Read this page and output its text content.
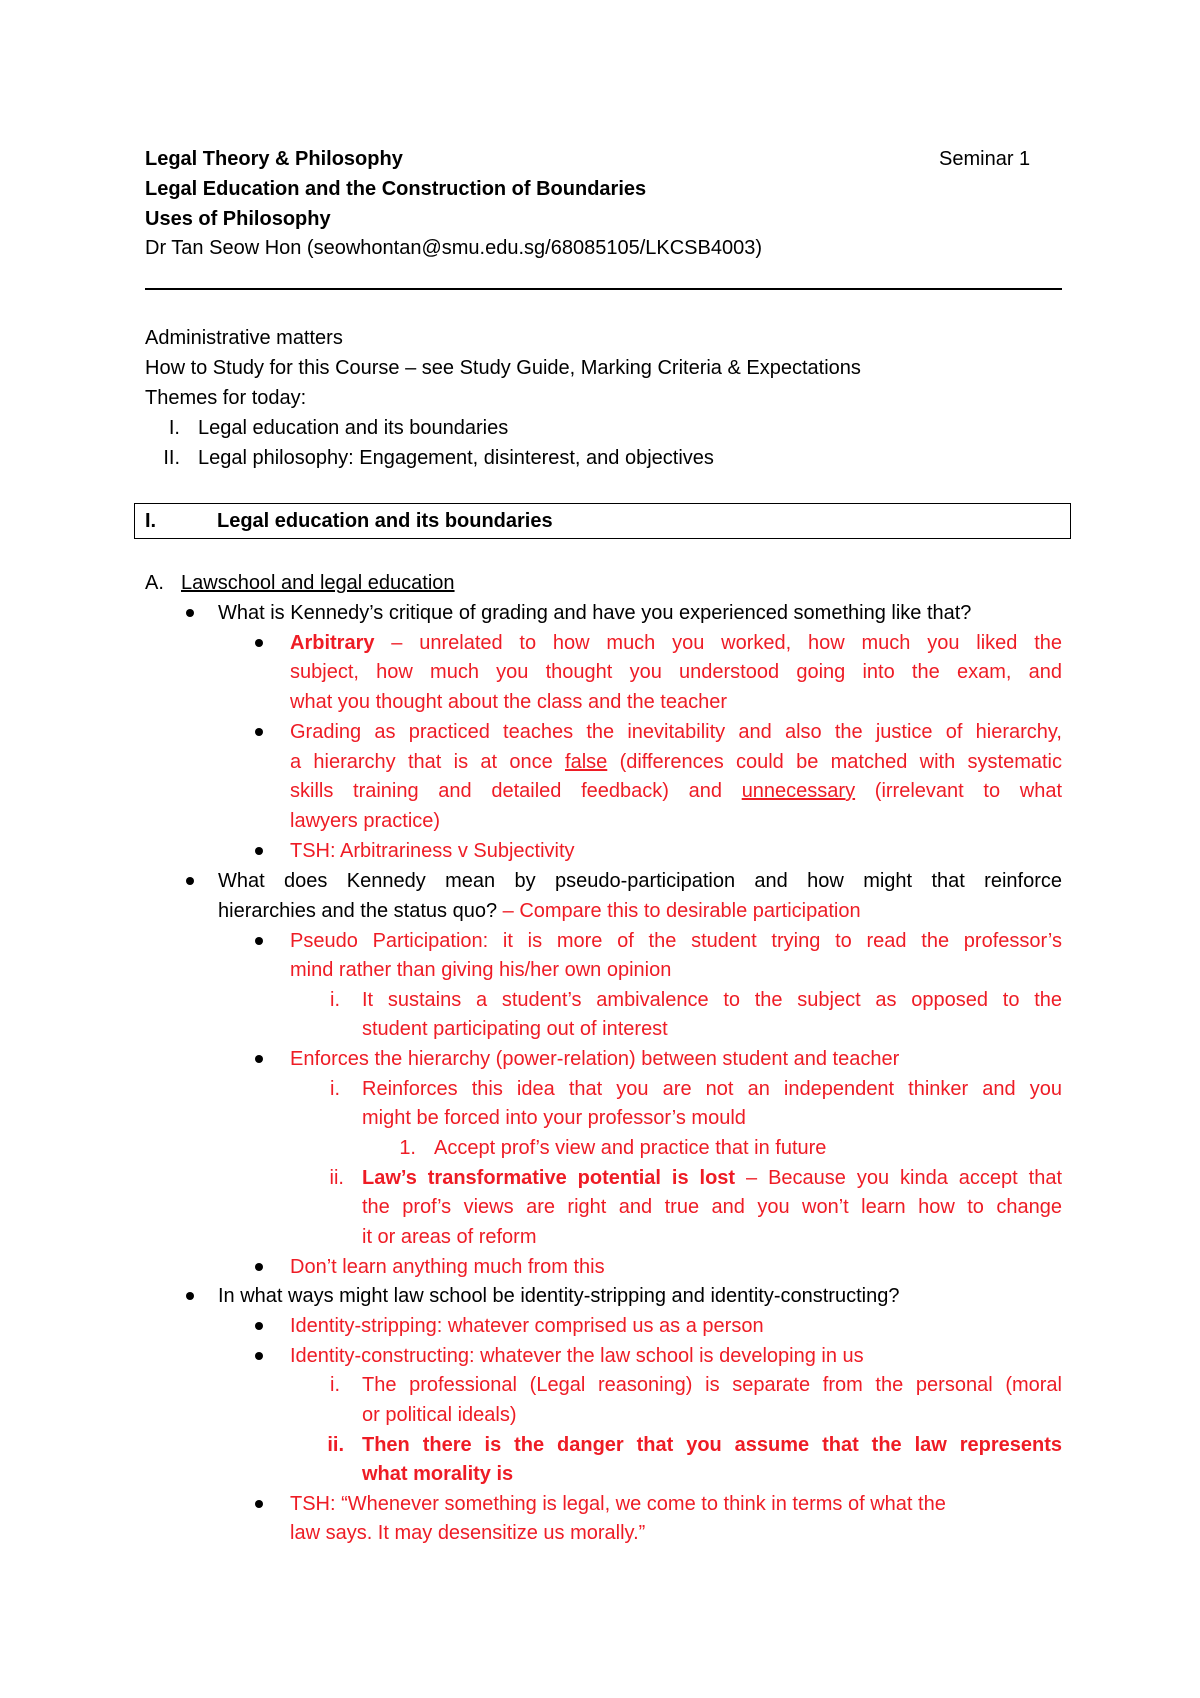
Legal Theory & Philosophy	Seminar 1
Legal Education and the Construction of Boundaries
Uses of Philosophy
Dr Tan Seow Hon (seowhontan@smu.edu.sg/68085105/LKCSB4003)
Administrative matters
How to Study for this Course – see Study Guide, Marking Criteria & Expectations
Themes for today:
I. Legal education and its boundaries
II. Legal philosophy: Engagement, disinterest, and objectives
I.	Legal education and its boundaries
A. Lawschool and legal education
What is Kennedy’s critique of grading and have you experienced something like that?
Arbitrary – unrelated to how much you worked, how much you liked the
subject, how much you thought you understood going into the exam, and
what you thought about the class and the teacher
Grading as practiced teaches the inevitability and also the justice of hierarchy,
a hierarchy that is at once false (differences could be matched with systematic
skills training and detailed feedback) and unnecessary (irrelevant to what
lawyers practice)
TSH: Arbitrariness v Subjectivity
What does Kennedy mean by pseudo-participation and how might that reinforce
hierarchies and the status quo? – Compare this to desirable participation
Pseudo Participation: it is more of the student trying to read the professor’s
mind rather than giving his/her own opinion
i. It sustains a student’s ambivalence to the subject as opposed to the
student participating out of interest
Enforces the hierarchy (power-relation) between student and teacher
i. Reinforces this idea that you are not an independent thinker and you
might be forced into your professor’s mould
1. Accept prof’s view and practice that in future
ii. Law’s transformative potential is lost – Because you kinda accept that
the prof’s views are right and true and you won’t learn how to change
it or areas of reform
Don’t learn anything much from this
In what ways might law school be identity-stripping and identity-constructing?
Identity-stripping: whatever comprised us as a person
Identity-constructing: whatever the law school is developing in us
i. The professional (Legal reasoning) is separate from the personal (moral
or political ideals)
ii. Then there is the danger that you assume that the law represents
what morality is
TSH: “Whenever something is legal, we come to think in terms of what the
law says. It may desensitize us morally.”
